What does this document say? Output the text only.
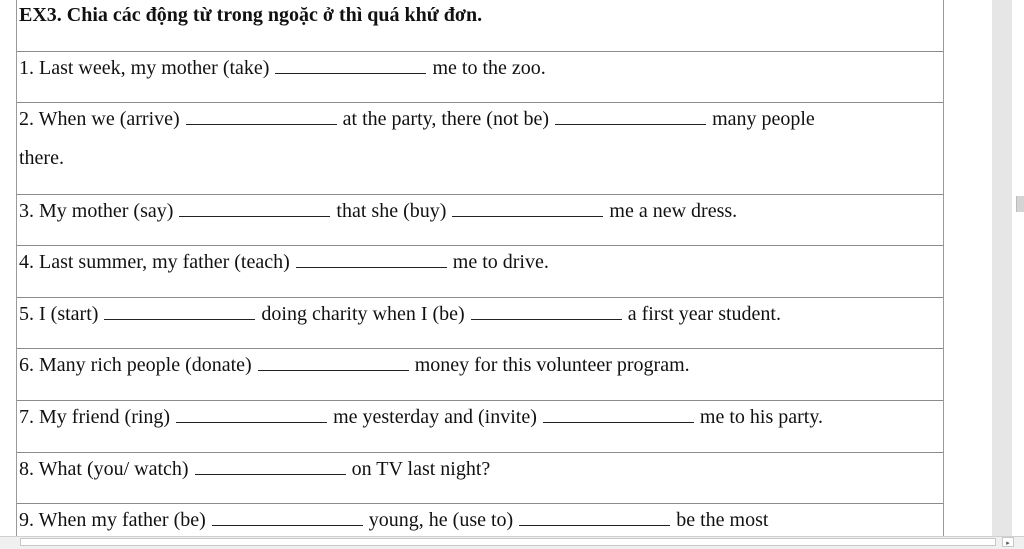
EX3. Chia các động từ trong ngoặc ở thì quá khứ đơn.
1. Last week, my mother (take)	me to the zoo.
2. When we (arrive)	at the party, there (not be)	many people
there.
3. My mother (say)	that she (buy)	me a new dress.
4. Last summer, my father (teach)	me to drive.
5. I (start)	doing charity when I (be)	a first year student.
6. Many rich people (donate)	money for this volunteer program.
7. My friend (ring)	me yesterday and (invite)	me to his party.
8. What (you/ watch)	on TV last night?
9. When my father (be)	young, he (use to)	be the most
▸
